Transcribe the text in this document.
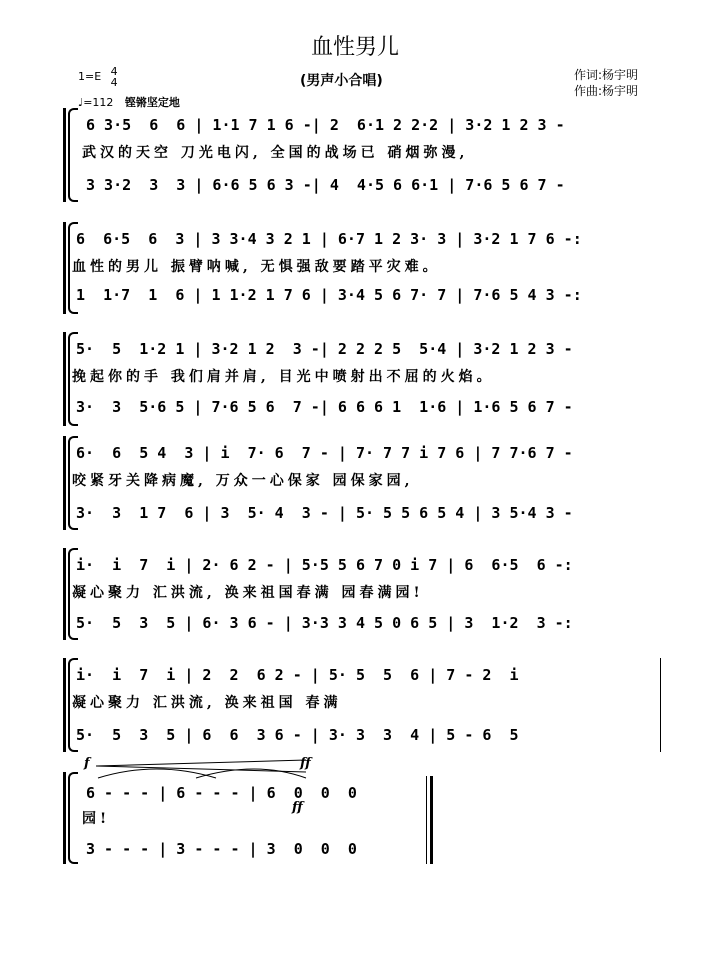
血性男儿
(男声小合唱)	作词:杨宇明
作曲:杨宇明
1=E 4
4
♩=112 铿锵坚定地
6 3·5  6  6 | 1·1 7 1 6 -| 2  6·1 2 2·2 | 3·2 1 2 3 -
武汉的天空 刀光电闪, 全国的战场已 硝烟弥漫,
3 3·2  3  3 | 6·6 5 6 3 -| 4  4·5 6 6·1 | 7·6 5 6 7 -
6  6·5  6  3 | 3 3·4 3 2 1 | 6·7 1 2 3· 3 | 3·2 1 7 6 -:
血性的男儿 振臂呐喊, 无惧强敌要踏平灾难。
1  1·7  1  6 | 1 1·2 1 7 6 | 3·4 5 6 7· 7 | 7·6 5 4 3 -:
5·  5  1·2 1 | 3·2 1 2  3 -| 2 2 2 5  5·4 | 3·2 1 2 3 -
挽起你的手 我们肩并肩, 目光中喷射出不屈的火焰。
3·  3  5·6 5 | 7·6 5 6  7 -| 6 6 6 1  1·6 | 1·6 5 6 7 -
6·  6  5 4  3 | i  7· 6  7 - | 7· 7 7 i 7 6 | 7 7·6 7 -
咬紧牙关降病魔, 万众一心保家 园保家园,
3·  3  1 7  6 | 3  5· 4  3 - | 5· 5 5 6 5 4 | 3 5·4 3 -
i·  i  7  i | 2· 6 2 - | 5·5 5 6 7 0 i 7 | 6  6·5  6 -:
凝心聚力 汇洪流, 涣来祖国春满 园春满园!
5·  5  3  5 | 6· 3 6 - | 3·3 3 4 5 0 6 5 | 3  1·2  3 -:
i·  i  7  i | 2  2  6 2 - | 5· 5  5  6 | 7 - 2  i
凝心聚力 汇洪流, 涣来祖国 春满
5·  5  3  5 | 6  6  3 6 - | 3· 3  3  4 | 5 - 6  5
f	ff
ff
6 - - - | 6 - - - | 6  0  0  0
园!
3 - - - | 3 - - - | 3  0  0  0
